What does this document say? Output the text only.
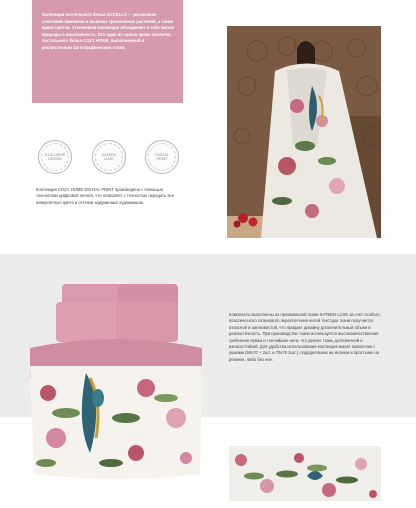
Коллекция постельного белья UCCELLO — роскошное сочетание павлинов и пышных тропических растений, а также ярких цветов. Утонченная коллекция объединяет в себе магию природы и изысканность. Это один из самых ярких проектов постельного белья COZY HOME, выполненный в реалистичном фотографическом стиле.

EXCLUSIVE
DESIGN
SATEEN
LUXE
DIGITAL
PRINT
Коллекция COZY HOME DIGITAL PRINT произведена с помощью технологии цифровой печати, что позволяет с точностью передать все невероятные цвета и оттенки задуманных художником.
Комплекты выполнены из премиальной ткани SATEEN LUXE за счет особого, классического сатинового переплетения нитей текстура ткани получается атласной и шелковистой, что придает дизайну дополнительный объем и реалистичность. При производстве ткани используется высококачественная гребенная пряжа и тончайшие нити, что делает ткань долговечной и износостойкой. Для удобства использования коллекция имеет наволочки с ушками (50x70 + 2шт. и 70x70 2шт.), пододеяльник на молнии и простыню на резинке, либо без нее.
